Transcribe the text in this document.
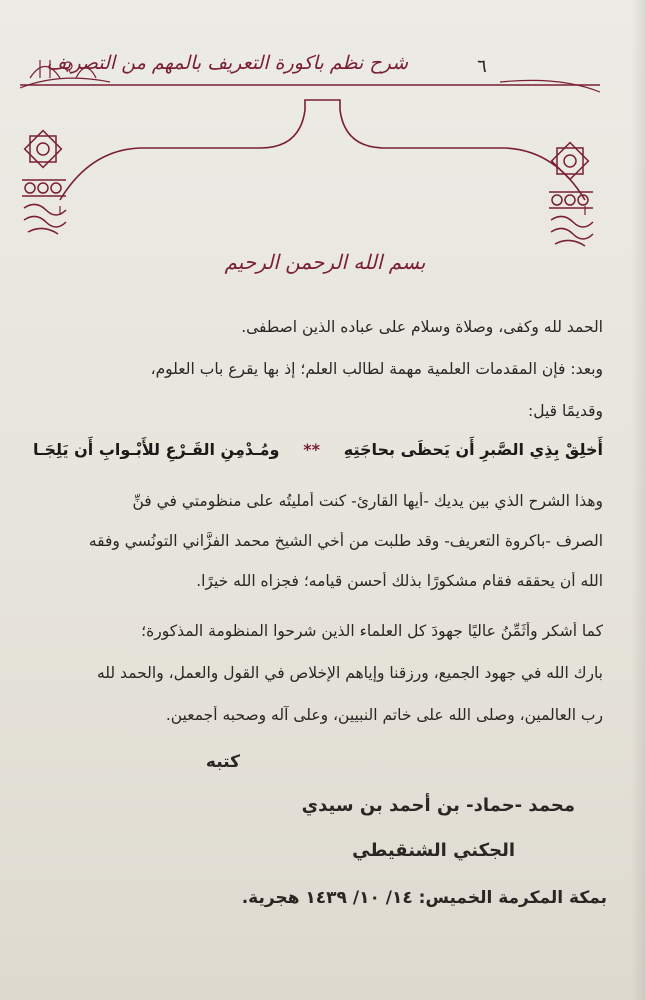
٦
شرح نظم باكورة التعريف بالمهم من التصريف
بسم الله الرحمن الرحيم
الحمد لله وكفى، وصلاة وسلام على عباده الذين اصطفى.
وبعد: فإن المقدمات العلمية مهمة لطالب العلم؛ إذ بها يقرع باب العلوم،
وقديمًا قيل:
أَخلِقْ بِذِي الصَّبرِ أَن يَحظَى بحاجَتِهِ
**
ومُـدْمِنِ القَـرْعِ للأَبْـوابِ أَن يَلِجَـا
وهذا الشرح الذي بين يديك -أيها القارئ- كنت أمليتُه على منظومتي في فنِّ
الصرف -باكروة التعريف- وقد طلبت من أخي الشيخ محمد الفزَّاني التونُسي وفقه
الله أن يحققه فقام مشكورًا بذلك أحسن قيامه؛ فجزاه الله خيرًا.
كما أشكر وأُثَمِّنُ عاليًا جهودَ كل العلماء الذين شرحوا المنظومة المذكورة؛
بارك الله في جهود الجميع، ورزقنا وإياهم الإخلاص في القول والعمل، والحمد لله
رب العالمين، وصلى الله على خاتم النبيين، وعلى آله وصحبه أجمعين.
كتبه
محمد -حماد- بن أحمد بن سيدي
الجكني الشنقيطي
بمكة المكرمة الخميس: ١٤/ ١٠/ ١٤٣٩ هجرية.
